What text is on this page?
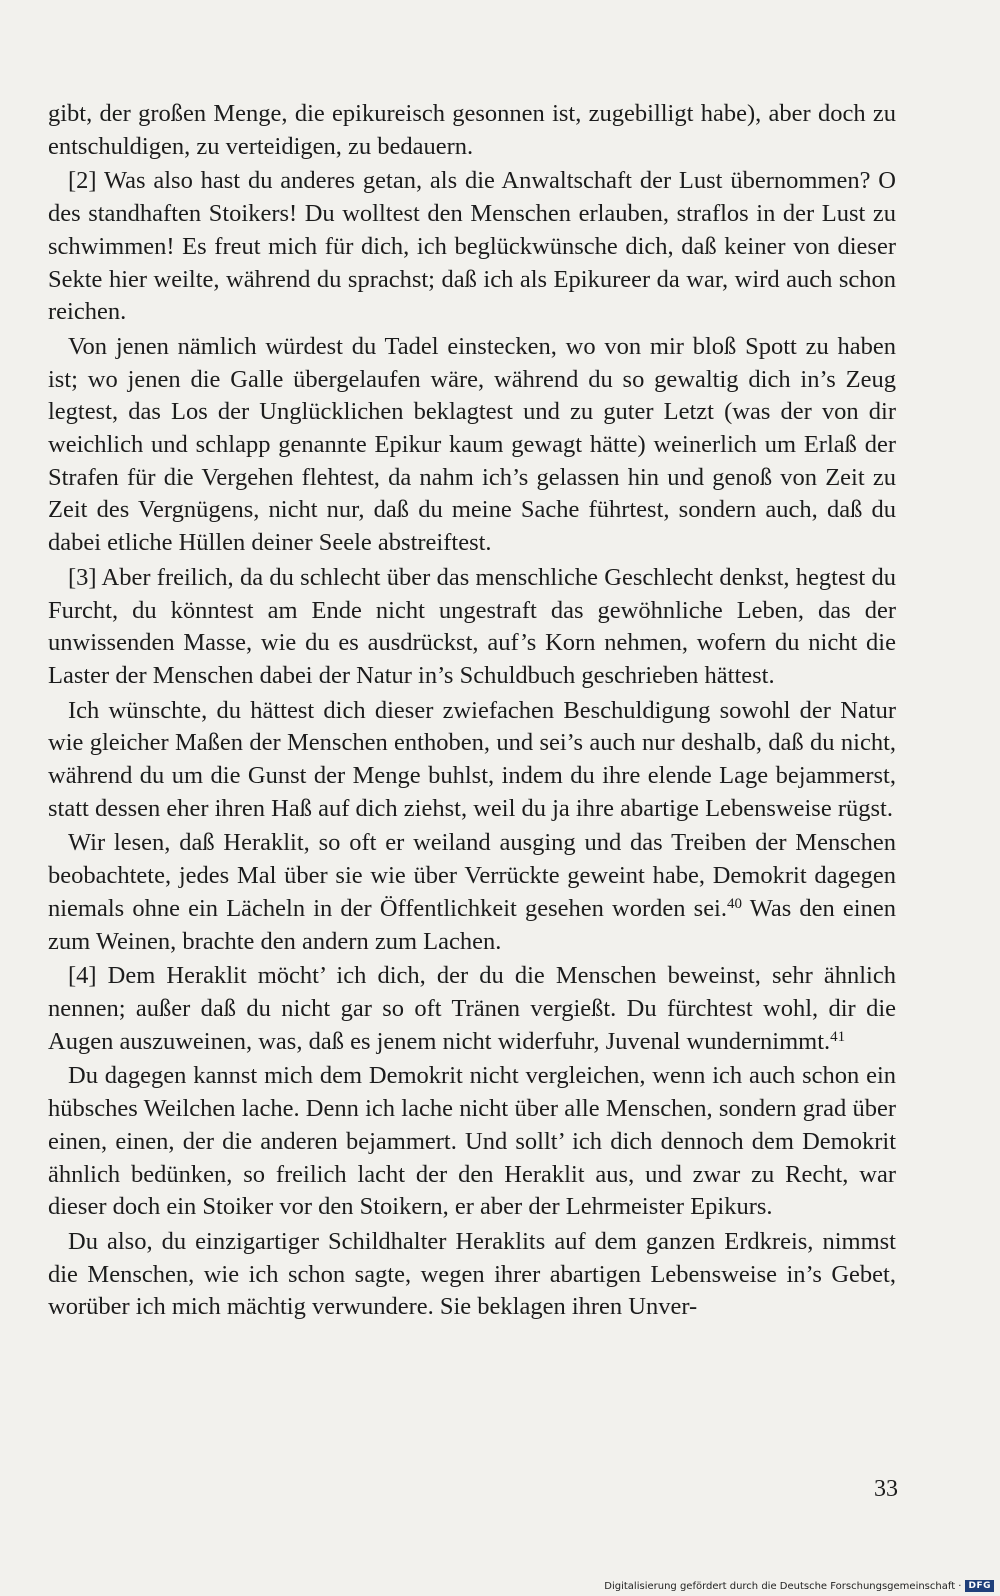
gibt, der großen Menge, die epikureisch gesonnen ist, zugebilligt habe), aber doch zu entschuldigen, zu verteidigen, zu bedauern.

[2] Was also hast du anderes getan, als die Anwaltschaft der Lust übernommen? O des standhaften Stoikers! Du wolltest den Menschen erlauben, straflos in der Lust zu schwimmen! Es freut mich für dich, ich beglückwünsche dich, daß keiner von dieser Sekte hier weilte, während du sprachst; daß ich als Epikureer da war, wird auch schon reichen.

Von jenen nämlich würdest du Tadel einstecken, wo von mir bloß Spott zu haben ist; wo jenen die Galle übergelaufen wäre, während du so gewaltig dich in’s Zeug legtest, das Los der Unglücklichen beklagtest und zu guter Letzt (was der von dir weichlich und schlapp genannte Epikur kaum gewagt hätte) weinerlich um Erlaß der Strafen für die Vergehen flehtest, da nahm ich’s gelassen hin und genoß von Zeit zu Zeit des Vergnügens, nicht nur, daß du meine Sache führtest, sondern auch, daß du dabei etliche Hüllen deiner Seele abstreiftest.

[3] Aber freilich, da du schlecht über das menschliche Geschlecht denkst, hegtest du Furcht, du könntest am Ende nicht ungestraft das gewöhnliche Leben, das der unwissenden Masse, wie du es ausdrückst, auf’s Korn nehmen, wofern du nicht die Laster der Menschen dabei der Natur in’s Schuldbuch geschrieben hättest.

Ich wünschte, du hättest dich dieser zwiefachen Beschuldigung sowohl der Natur wie gleicher Maßen der Menschen enthoben, und sei’s auch nur deshalb, daß du nicht, während du um die Gunst der Menge buhlst, indem du ihre elende Lage bejammerst, statt dessen eher ihren Haß auf dich ziehst, weil du ja ihre abartige Lebensweise rügst.

Wir lesen, daß Heraklit, so oft er weiland ausging und das Treiben der Menschen beobachtete, jedes Mal über sie wie über Verrückte geweint habe, Demokrit dagegen niemals ohne ein Lächeln in der Öffentlichkeit gesehen worden sei.$^{40}$ Was den einen zum Weinen, brachte den andern zum Lachen.

[4] Dem Heraklit möcht’ ich dich, der du die Menschen beweinst, sehr ähnlich nennen; außer daß du nicht gar so oft Tränen vergießt. Du fürchtest wohl, dir die Augen auszuweinen, was, daß es jenem nicht widerfuhr, Juvenal wundernimmt.$^{41}$

Du dagegen kannst mich dem Demokrit nicht vergleichen, wenn ich auch schon ein hübsches Weilchen lache. Denn ich lache nicht über alle Menschen, sondern grad über einen, einen, der die anderen bejammert. Und sollt’ ich dich dennoch dem Demokrit ähnlich bedünken, so freilich lacht der den Heraklit aus, und zwar zu Recht, war dieser doch ein Stoiker vor den Stoikern, er aber der Lehrmeister Epikurs.

Du also, du einzigartiger Schildhalter Heraklits auf dem ganzen Erdkreis, nimmst die Menschen, wie ich schon sagte, wegen ihrer abartigen Lebensweise in’s Gebet, worüber ich mich mächtig verwundere. Sie beklagen ihren Unver-

33
Digitalisierung gefördert durch die Deutsche Forschungsgemeinschaft · DFG
